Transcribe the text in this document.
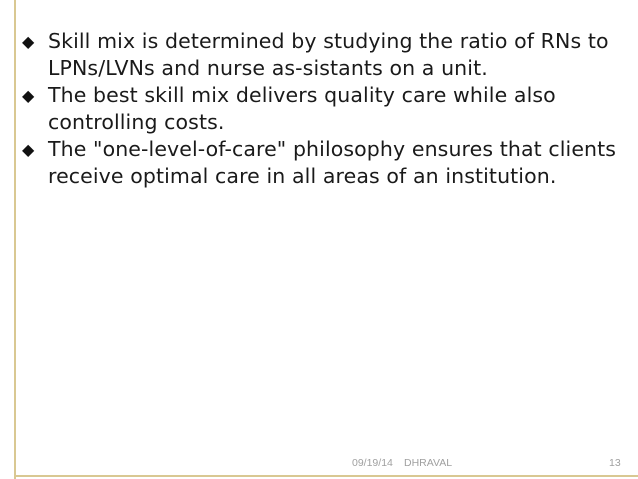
◆ Skill mix is determined by studying the ratio of RNs to LPNs/LVNs and nurse as-sistants on a unit.
◆ The best skill mix delivers quality care while also controlling costs.
◆ The "one-level-of-care" philosophy ensures that clients receive optimal care in all areas of an institution.
09/19/14 DHRAVAL	13
